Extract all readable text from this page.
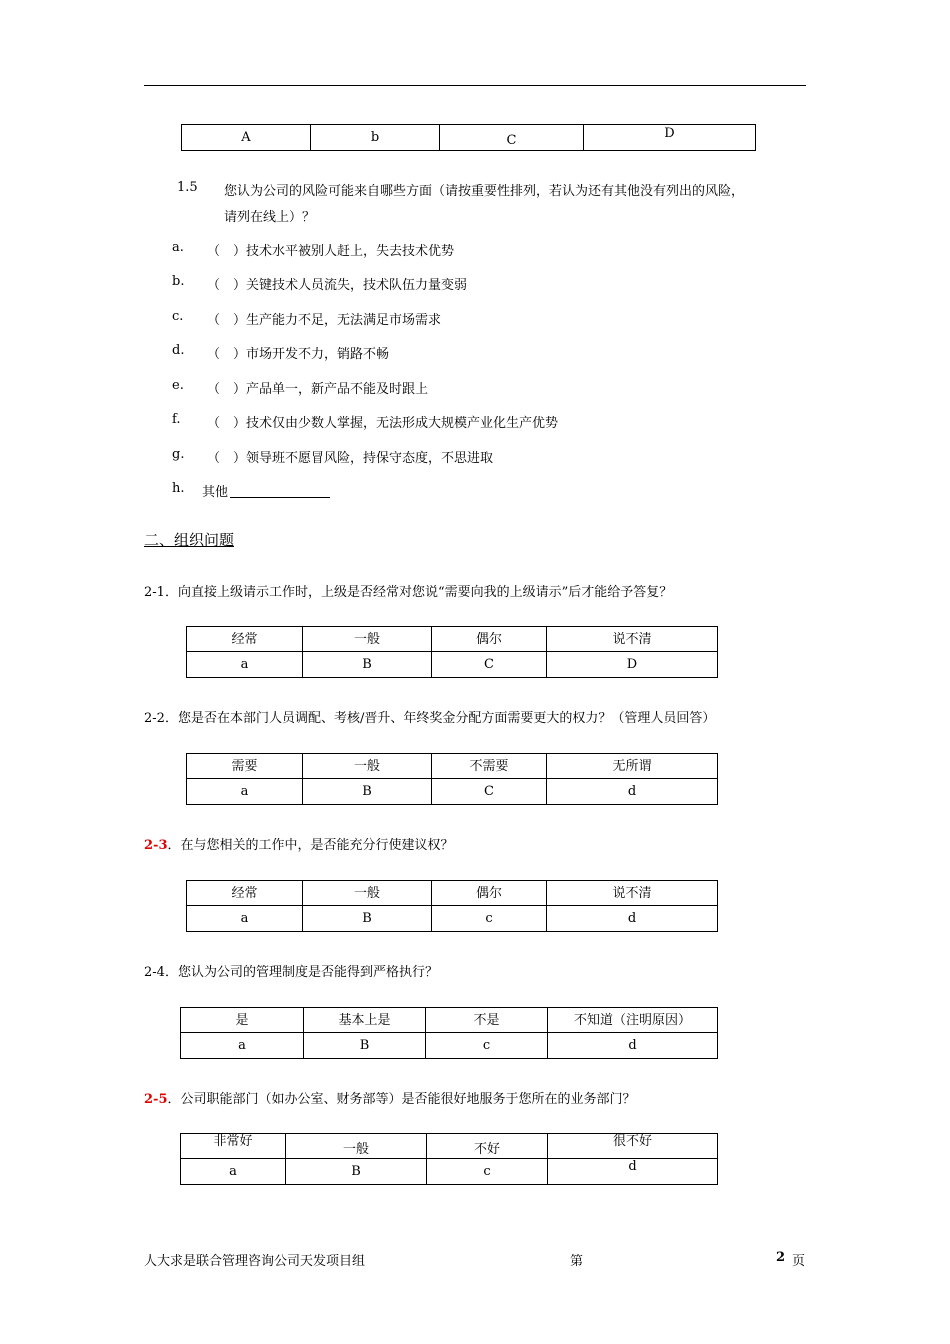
A	b	C	D
1.5 您认为公司的风险可能来自哪些方面（请按重要性排列，若认为还有其他没有列出的风险，
请列在线上）？
a. （　）技术水平被别人赶上，失去技术优势
b. （　）关键技术人员流失，技术队伍力量变弱
c. （　）生产能力不足，无法满足市场需求
d. （　）市场开发不力，销路不畅
e. （　）产品单一，新产品不能及时跟上
f. （　）技术仅由少数人掌握，无法形成大规模产业化生产优势
g. （　）领导班不愿冒风险，持保守态度，不思进取
h. 其他
二、组织问题
2-1．向直接上级请示工作时，上级是否经常对您说“需要向我的上级请示”后才能给予答复？
经常	一般	偶尔	说不清
a	B	C	D
2-2．您是否在本部门人员调配、考核/晋升、年终奖金分配方面需要更大的权力？（管理人员回答）
需要	一般	不需要	无所谓
a	B	C	d
2-3．在与您相关的工作中，是否能充分行使建议权？
经常	一般	偶尔	说不清
a	B	c	d
2-4．您认为公司的管理制度是否能得到严格执行？
是	基本上是	不是	不知道（注明原因）
a	B	c	d
2-5．公司职能部门（如办公室、财务部等）是否能很好地服务于您所在的业务部门？
非常好	一般	不好	很不好
a	B	c	d
人大求是联合管理咨询公司天发项目组	第	2 页
